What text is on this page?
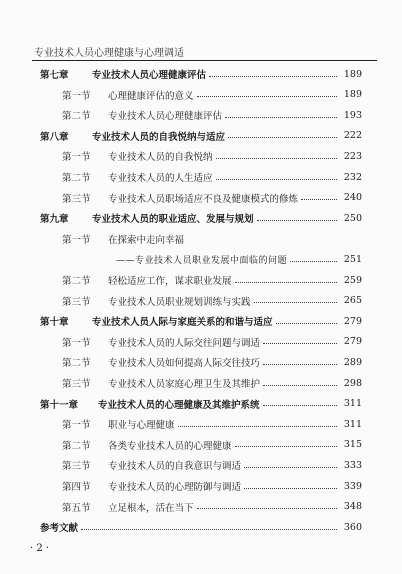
专业技术人员心理健康与心理调适
第七章	专业技术人员心理健康评估	189
第一节	心理健康评估的意义	189
第二节	专业技术人员心理健康评估	193
第八章	专业技术人员的自我悦纳与适应	222
第一节	专业技术人员的自我悦纳	223
第二节	专业技术人员的人生适应	232
第三节	专业技术人员职场适应不良及健康模式的修炼	240
第九章	专业技术人员的职业适应、发展与规划	250
第一节	在探索中走向幸福
——专业技术人员职业发展中面临的问题	251
第二节	轻松适应工作，谋求职业发展	259
第三节	专业技术人员职业规划训练与实践	265
第十章	专业技术人员人际与家庭关系的和谐与适应	279
第一节	专业技术人员的人际交往问题与调适	279
第二节	专业技术人员如何提高人际交往技巧	289
第三节	专业技术人员家庭心理卫生及其维护	298
第十一章	专业技术人员的心理健康及其维护系统	311
第一节	职业与心理健康	311
第二节	各类专业技术人员的心理健康	315
第三节	专业技术人员的自我意识与调适	333
第四节	专业技术人员的心理防御与调适	339
第五节	立足根本，活在当下	348
参考文献	360
· 2 ·
